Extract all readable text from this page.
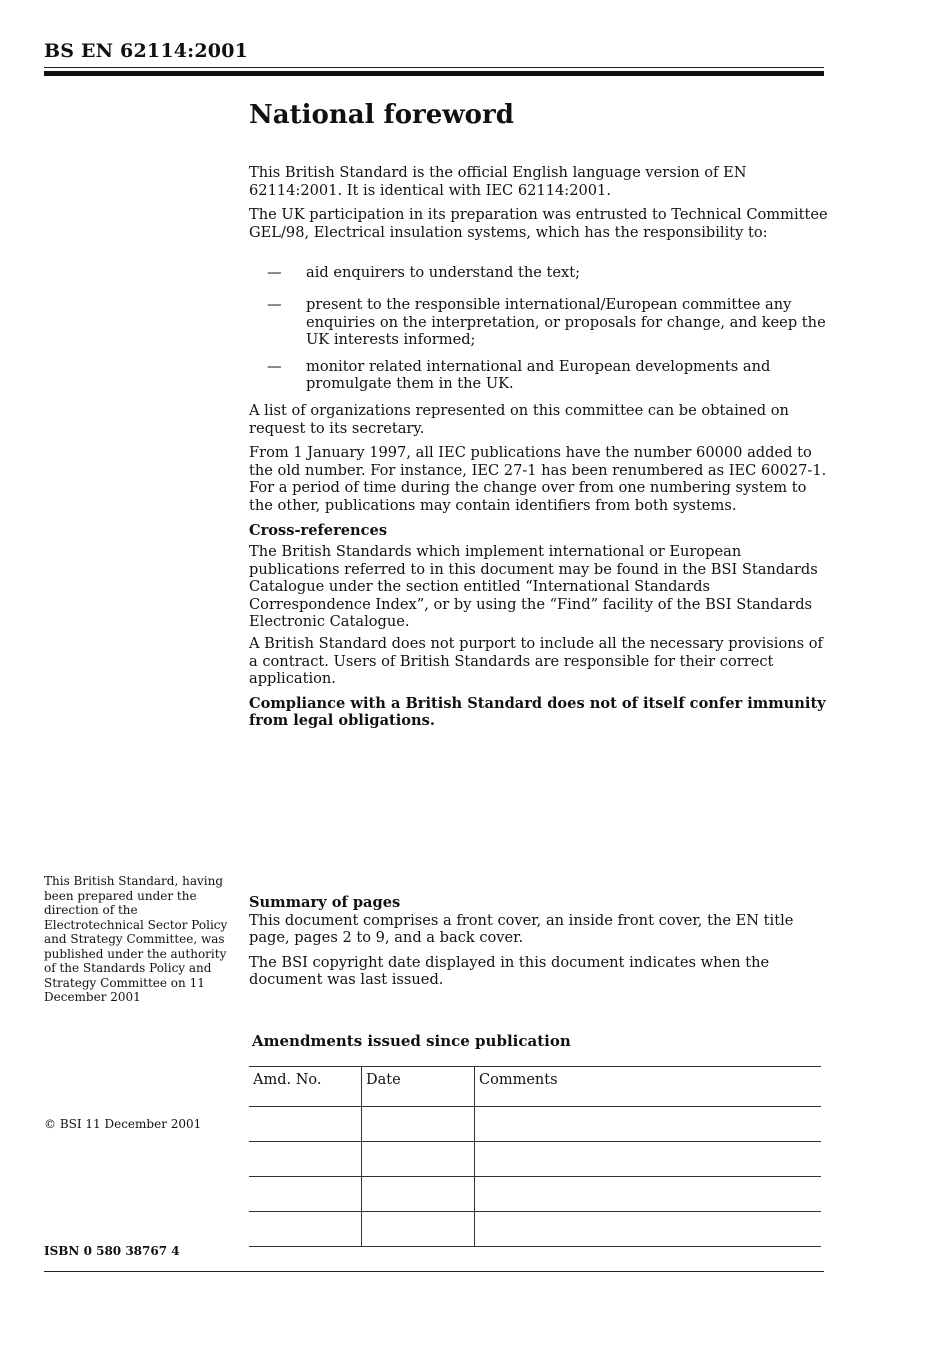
BS EN 62114:2001
National foreword

This British Standard is the official English language version of EN 62114:2001. It is identical with IEC 62114:2001.

The UK participation in its preparation was entrusted to Technical Committee GEL/98, Electrical insulation systems, which has the responsibility to:

— aid enquirers to understand the text;
— present to the responsible international/European committee any enquiries on the interpretation, or proposals for change, and keep the UK interests informed;
— monitor related international and European developments and promulgate them in the UK.

A list of organizations represented on this committee can be obtained on request to its secretary.

From 1 January 1997, all IEC publications have the number 60000 added to the old number. For instance, IEC 27-1 has been renumbered as IEC 60027-1. For a period of time during the change over from one numbering system to the other, publications may contain identifiers from both systems.

Cross-references

The British Standards which implement international or European publications referred to in this document may be found in the BSI Standards Catalogue under the section entitled “International Standards Correspondence Index”, or by using the “Find” facility of the BSI Standards Electronic Catalogue.

A British Standard does not purport to include all the necessary provisions of a contract. Users of British Standards are responsible for their correct application.

Compliance with a British Standard does not of itself confer immunity from legal obligations.

This British Standard, having been prepared under the direction of the Electrotechnical Sector Policy and Strategy Committee, was published under the authority of the Standards Policy and Strategy Committee on 11 December 2001

Summary of pages

This document comprises a front cover, an inside front cover, the EN title page, pages 2 to 9, and a back cover.

The BSI copyright date displayed in this document indicates when the document was last issued.

Amendments issued since publication
Amd. No.	Date	Comments

© BSI 11 December 2001
ISBN 0 580 38767 4
